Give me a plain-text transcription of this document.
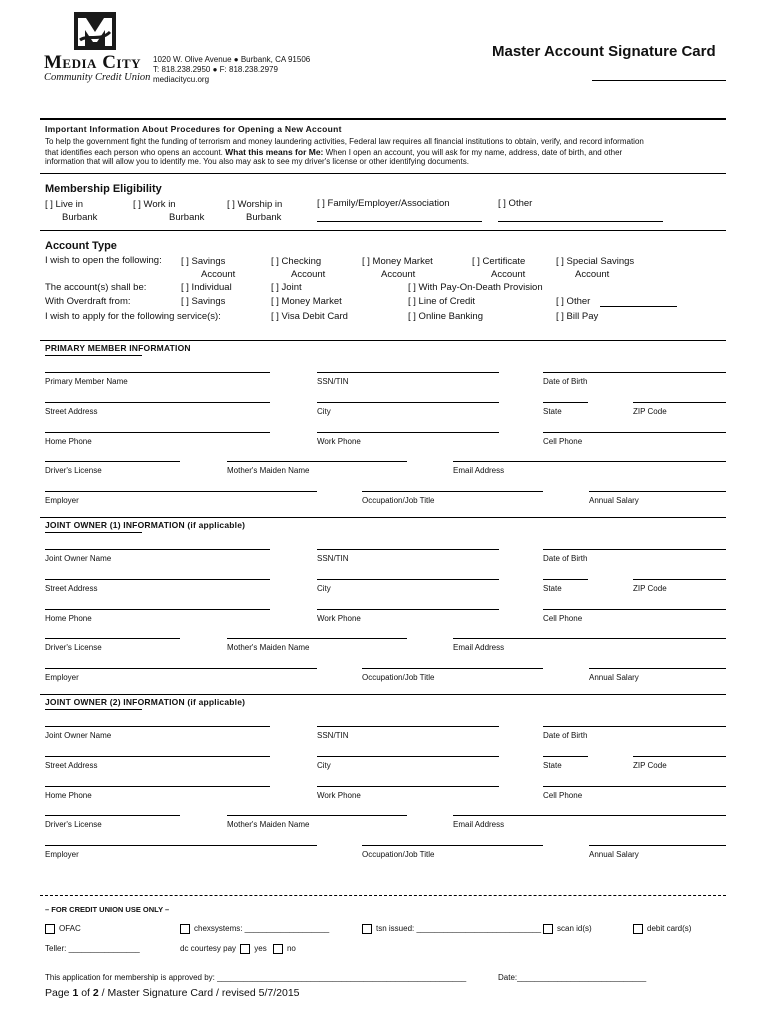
Media City
Community Credit Union
1020 W. Olive Avenue ● Burbank, CA 91506
T: 818.238.2950 ● F: 818.238.2979
mediacitycu.org
Master Account Signature Card
Important Information About Procedures for Opening a New Account
To help the government fight the funding of terrorism and money laundering activities, Federal law requires all financial institutions to obtain, verify, and record information
that identifies each person who opens an account. What this means for Me: When I open an account, you will ask for my name, address, date of birth, and other
information that will allow you to identify me. You also may ask to see my driver's license or other identifying documents.
Membership Eligibility
[ ] Live in
Burbank
[ ] Work in
Burbank
[ ] Worship in
Burbank
[ ] Family/Employer/Association	[ ] Other
Account Type
I wish to open the following: [ ] Savings
Account
[ ] Checking
Account
[ ] Money Market
Account
[ ] Certificate
Account
[ ] Special Savings
Account
The account(s) shall be:	[ ] Individual	[ ] Joint	[ ] With Pay-On-Death Provision
With Overdraft from:	[ ] Savings	[ ] Money Market	[ ] Line of Credit	[ ] Other
I wish to apply for the following service(s):	[ ] Visa Debit Card	[ ] Online Banking	[ ] Bill Pay
PRIMARY MEMBER INFORMATION
Primary Member Name	SSN/TIN	Date of Birth
Street Address	City	State	ZIP Code
Home Phone	Work Phone	Cell Phone
Driver's License	Mother's Maiden Name	Email Address
Employer	Occupation/Job Title	Annual Salary
JOINT OWNER (1) INFORMATION (if applicable)
Joint Owner Name	SSN/TIN	Date of Birth
Street Address	City	State	ZIP Code
Home Phone	Work Phone	Cell Phone
Driver's License	Mother's Maiden Name	Email Address
Employer	Occupation/Job Title	Annual Salary
JOINT OWNER (2) INFORMATION (if applicable)
Joint Owner Name	SSN/TIN	Date of Birth
Street Address	City	State	ZIP Code
Home Phone	Work Phone	Cell Phone
Driver's License	Mother's Maiden Name	Email Address
Employer	Occupation/Job Title	Annual Salary
– FOR CREDIT UNION USE ONLY –
OFAC	chexsystems: ___________________	tsn issued: ____________________________	scan id(s)	debit card(s)
Teller: ________________	dc courtesy pay yes	no
This application for membership is approved by: ________________________________________________________	Date:_____________________________
Page 1 of 2 / Master Signature Card / revised 5/7/2015
